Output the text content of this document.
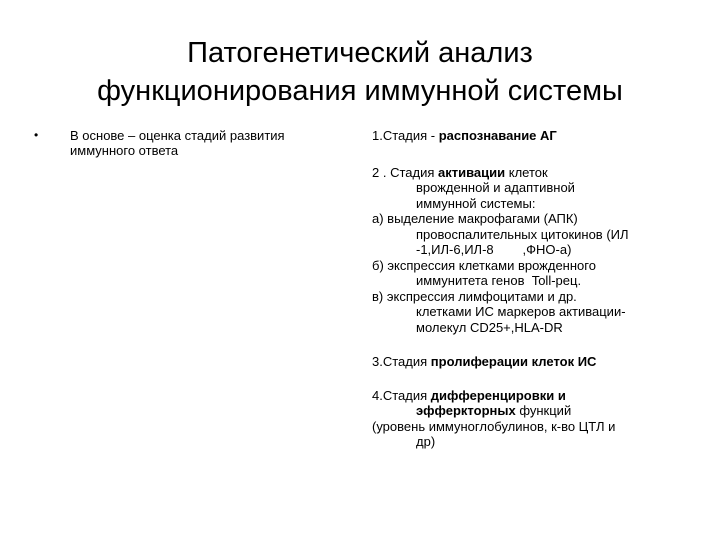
Патогенетический анализ
функционирования иммунной системы
• В основе – оценка стадий развития
иммунного ответа
1.Стадия - распознавание АГ
2 . Стадия активации клеток
врожденной и адаптивной
иммунной системы:
а) выделение макрофагами (АПК)
провоспалительных цитокинов (ИЛ
-1,ИЛ-6,ИЛ-8        ,ФНО-а)
б) экспрессия клетками врожденного
иммунитета генов  Toll-рец.
в) экспрессия лимфоцитами и др.
клетками ИС маркеров активации-
молекул CD25+,HLA-DR
3.Стадия пролиферации клеток ИС
4.Стадия дифференцировки и
эфферкторных функций
(уровень иммуноглобулинов, к-во ЦТЛ и
др)
